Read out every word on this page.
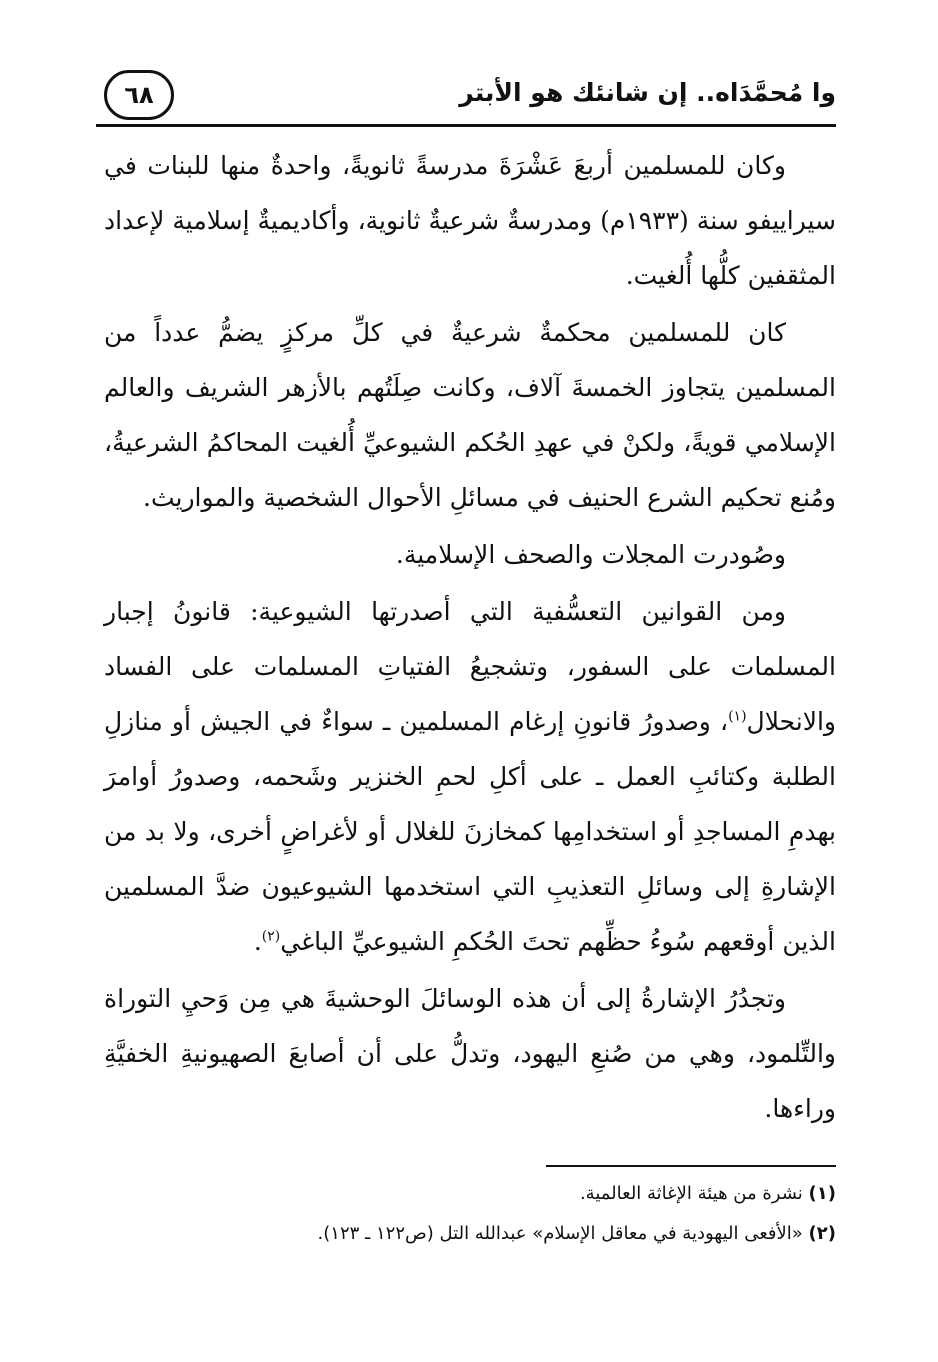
وا مُحمَّدَاه.. إن شانئك هو الأبتر
٦٨

وكان للمسلمين أربعَ عَشْرَةَ مدرسةً ثانويةً، واحدةٌ منها للبنات في سيراييفو سنة (١٩٣٣م) ومدرسةٌ شرعيةٌ ثانوية، وأكاديميةٌ إسلامية لإعداد المثقفين كلُّها أُلغيت.

كان للمسلمين محكمةٌ شرعيةٌ في كلِّ مركزٍ يضمُّ عدداً من المسلمين يتجاوز الخمسةَ آلاف، وكانت صِلَتُهم بالأزهر الشريف والعالم الإسلامي قويةً، ولكنْ في عهدِ الحُكم الشيوعيِّ أُلغيت المحاكمُ الشرعيةُ، ومُنع تحكيم الشرع الحنيف في مسائلِ الأحوال الشخصية والمواريث.

وصُودرت المجلات والصحف الإسلامية.

ومن القوانين التعسُّفية التي أصدرتها الشيوعية: قانونُ إجبار المسلمات على السفور، وتشجيعُ الفتياتِ المسلمات على الفساد والانحلال$^{(١)}$، وصدورُ قانونِ إرغام المسلمين ـ سواءٌ في الجيش أو منازلِ الطلبة وكتائبِ العمل ـ على أكلِ لحمِ الخنزير وشَحمه، وصدورُ أوامرَ بهدمِ المساجدِ أو استخدامِها كمخازنَ للغلال أو لأغراضٍ أخرى، ولا بد من الإشارةِ إلى وسائلِ التعذيبِ التي استخدمها الشيوعيون ضدَّ المسلمين الذين أوقعهم سُوءُ حظِّهم تحتَ الحُكمِ الشيوعيِّ الباغي$^{(٢)}$.

وتجدُرُ الإشارةُ إلى أن هذه الوسائلَ الوحشيةَ هي مِن وَحيِ التوراة والتِّلمود، وهي من صُنعِ اليهود، وتدلُّ على أن أصابعَ الصهيونيةِ الخفيَّةِ وراءها.

(١) نشرة من هيئة الإغاثة العالمية.

(٢) «الأفعى اليهودية في معاقل الإسلام» عبدالله التل (ص١٢٢ ـ ١٢٣).
